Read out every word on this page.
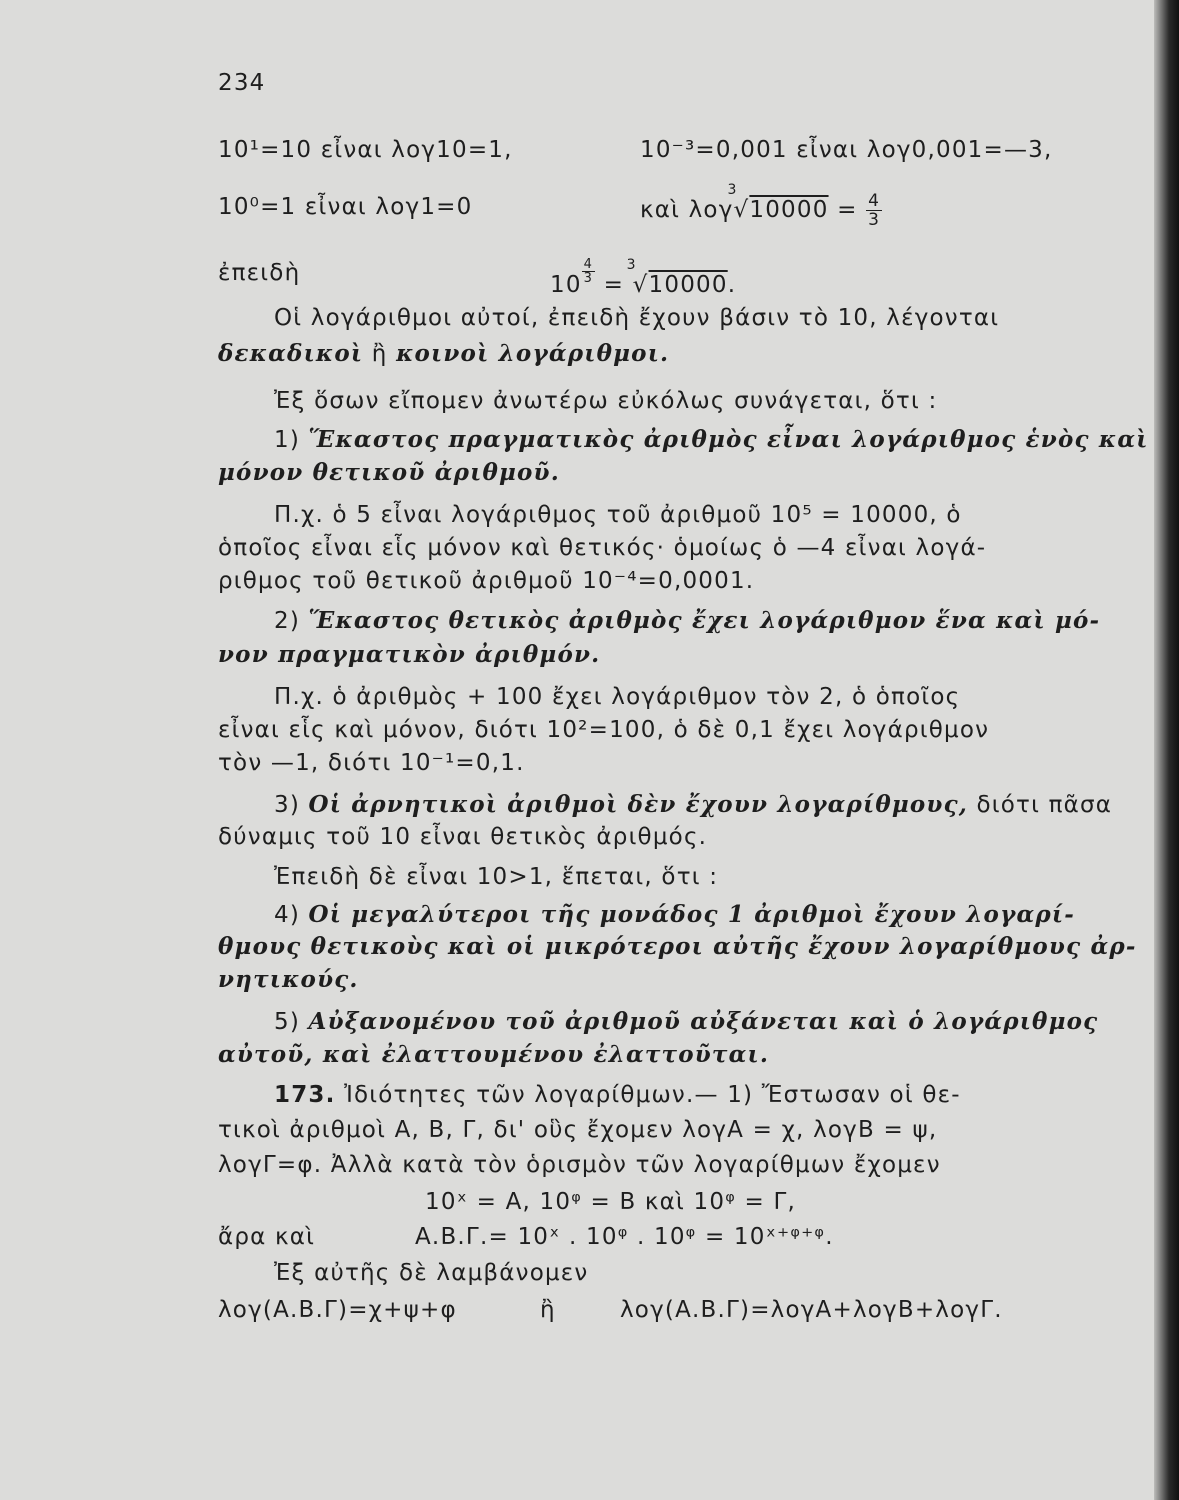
234
10¹=10 εἶναι λογ10=1,	10⁻³=0,001 εἶναι λογ0,001=—3,
10⁰=1 εἶναι λογ1=0	καὶ λογ√
3
$10000 = \frac{4}{3}$
ἐπειδὴ	$10 \frac{4}{3}$ = √
3
10000.
Οἱ λογάριθμοι αὐτοί, ἐπειδὴ ἔχουν βάσιν τὸ 10, λέγονται
δεκαδικοὶ ἢ κοινοὶ λογάριθμοι.
Ἐξ ὅσων εἴπομεν ἀνωτέρω εὐκόλως συνάγεται, ὅτι :
1) Ἕκαστος πραγματικὸς ἀριθμὸς εἶναι λογάριθμος ἑνὸς καὶ
μόνον θετικοῦ ἀριθμοῦ.
Π.χ. ὁ 5 εἶναι λογάριθμος τοῦ ἀριθμοῦ 10⁵ = 10000, ὁ
ὁποῖος εἶναι εἷς μόνον καὶ θετικός· ὁμοίως ὁ —4 εἶναι λογά-
ριθμος τοῦ θετικοῦ ἀριθμοῦ 10⁻⁴=0,0001.
2) Ἕκαστος θετικὸς ἀριθμὸς ἔχει λογάριθμον ἕνα καὶ μό-
νον πραγματικὸν ἀριθμόν.
Π.χ. ὁ ἀριθμὸς + 100 ἔχει λογάριθμον τὸν 2, ὁ ὁποῖος
εἶναι εἷς καὶ μόνον, διότι 10²=100, ὁ δὲ 0,1 ἔχει λογάριθμον
τὸν —1, διότι 10⁻¹=0,1.
3) Οἱ ἀρνητικοὶ ἀριθμοὶ δὲν ἔχουν λογαρίθμους, διότι πᾶσα
δύναμις τοῦ 10 εἶναι θετικὸς ἀριθμός.
Ἐπειδὴ δὲ εἶναι 10>1, ἕπεται, ὅτι :
4) Οἱ μεγαλύτεροι τῆς μονάδος 1 ἀριθμοὶ ἔχουν λογαρί-
θμους θετικοὺς καὶ οἱ μικρότεροι αὐτῆς ἔχουν λογαρίθμους ἀρ-
νητικούς.
5) Αὐξανομένου τοῦ ἀριθμοῦ αὐξάνεται καὶ ὁ λογάριθμος
αὐτοῦ, καὶ ἐλαττουμένου ἐλαττοῦται.
173. Ἰδιότητες τῶν λογαρίθμων.— 1) Ἔστωσαν οἱ θε-
τικοὶ ἀριθμοὶ Α, Β, Γ, δι' οὓς ἔχομεν λογΑ = χ, λογΒ = ψ,
λογΓ=φ. Ἀλλὰ κατὰ τὸν ὁρισμὸν τῶν λογαρίθμων ἔχομεν
10ˣ = Α, 10ᵠ = Β καὶ 10ᵠ = Γ,
ἄρα καὶ	Α.Β.Γ.= 10ˣ . 10ᵠ . 10ᵠ = 10ˣ⁺ᵠ⁺ᵠ.
Ἐξ αὐτῆς δὲ λαμβάνομεν
λογ(Α.Β.Γ)=χ+ψ+φ	ἢ	λογ(Α.Β.Γ)=λογΑ+λογΒ+λογΓ.
